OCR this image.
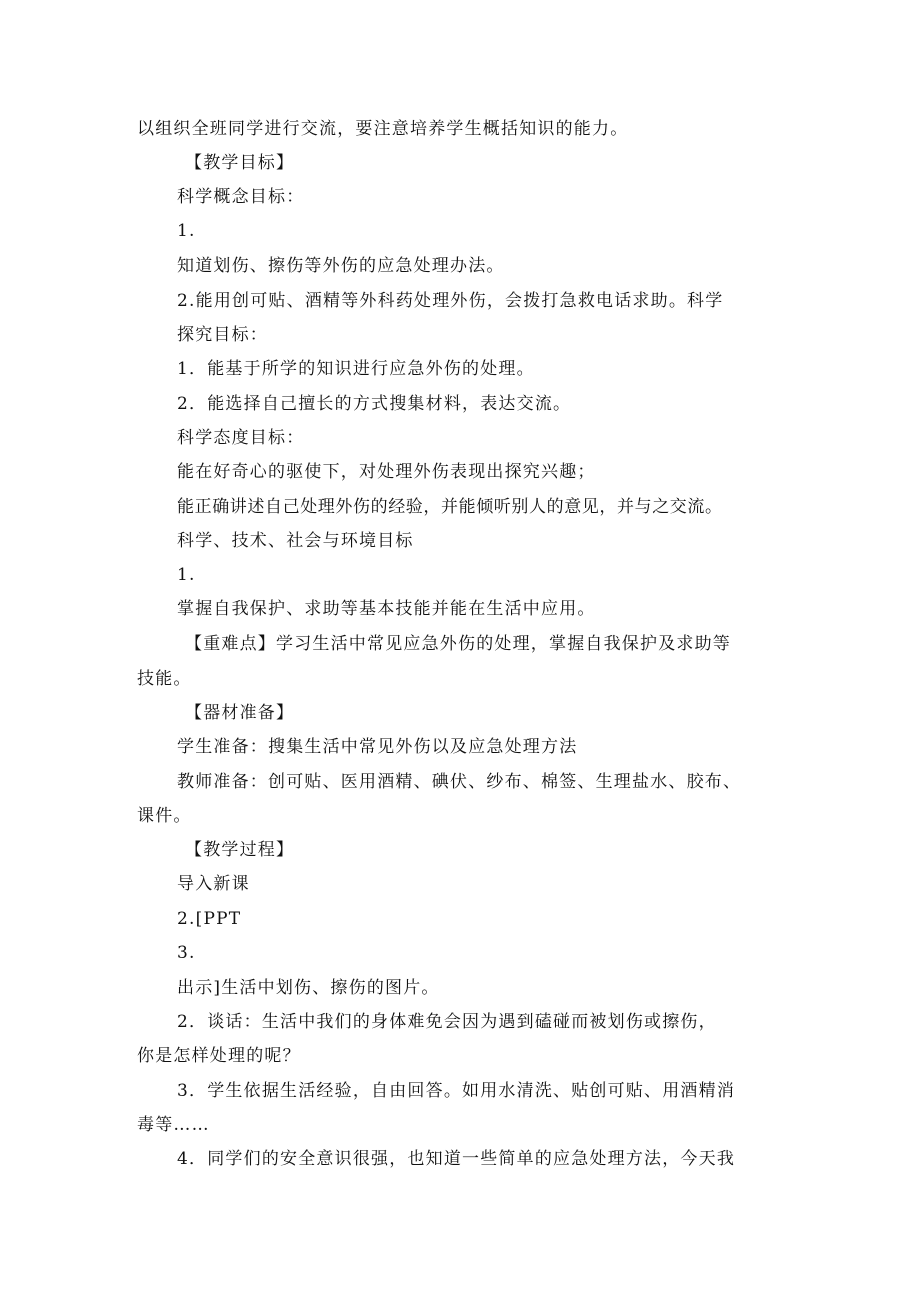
以组织全班同学进行交流，要注意培养学生概括知识的能力。
【教学目标】
科学概念目标：
1.
知道划伤、擦伤等外伤的应急处理办法。
2.能用创可贴、酒精等外科药处理外伤，会拨打急救电话求助。科学
探究目标：
1．能基于所学的知识进行应急外伤的处理。
2．能选择自己擅长的方式搜集材料，表达交流。
科学态度目标：
能在好奇心的驱使下，对处理外伤表现出探究兴趣；
能正确讲述自己处理外伤的经验，并能倾听别人的意见，并与之交流。
科学、技术、社会与环境目标
1.
掌握自我保护、求助等基本技能并能在生活中应用。
【重难点】学习生活中常见应急外伤的处理，掌握自我保护及求助等
技能。
【器材准备】
学生准备：搜集生活中常见外伤以及应急处理方法
教师准备：创可贴、医用酒精、碘伏、纱布、棉签、生理盐水、胶布、
课件。
【教学过程】
导入新课
2.[PPT
3.
出示]生活中划伤、擦伤的图片。
2．谈话：生活中我们的身体难免会因为遇到磕碰而被划伤或擦伤，
你是怎样处理的呢？
3．学生依据生活经验，自由回答。如用水清洗、贴创可贴、用酒精消
毒等……
4．同学们的安全意识很强，也知道一些简单的应急处理方法，今天我
